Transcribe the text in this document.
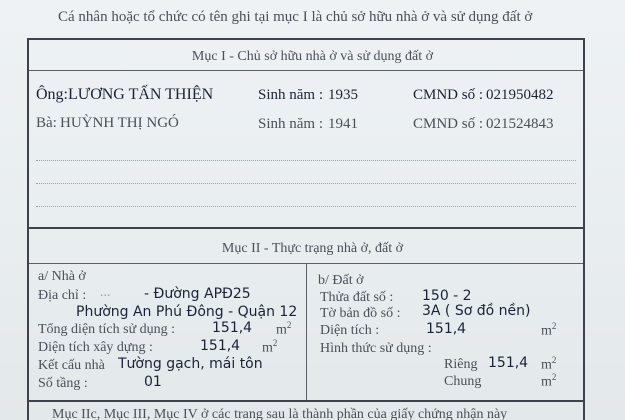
Cá nhân hoặc tổ chức có tên ghi tại mục I là chủ sở hữu nhà ở và sử dụng đất ở
Mục I - Chủ sở hữu nhà ở và sử dụng đất ở
Ông: LƯƠNG TẤN THIỆN	Sinh năm : 1935	CMND số : 021950482
Bà: HUỲNH THỊ NGÓ	Sinh năm : 1941	CMND số : 021524843
Mục II - Thực trạng nhà ở, đất ở
a/ Nhà ở
Địa chỉ : ... - Đường APĐ25
Phường An Phú Đông - Quận 12
Tổng diện tích sử dụng :	151,4 $m^2$
Diện tích xây dựng :	151,4 $m^2$
Kết cấu nhà Tường gạch, mái tôn
Số tầng :	01
b/ Đất ở
Thửa đất số : 150 - 2
Tờ bản đồ số : 3A ( Sơ đồ nền)
Diện tích :	151,4	$m^2$
Hình thức sử dụng :
Riêng 151,4 $m^2$
Chung	$m^2$
Mục IIc, Mục III, Mục IV ở các trang sau là thành phần của giấy chứng nhận này
